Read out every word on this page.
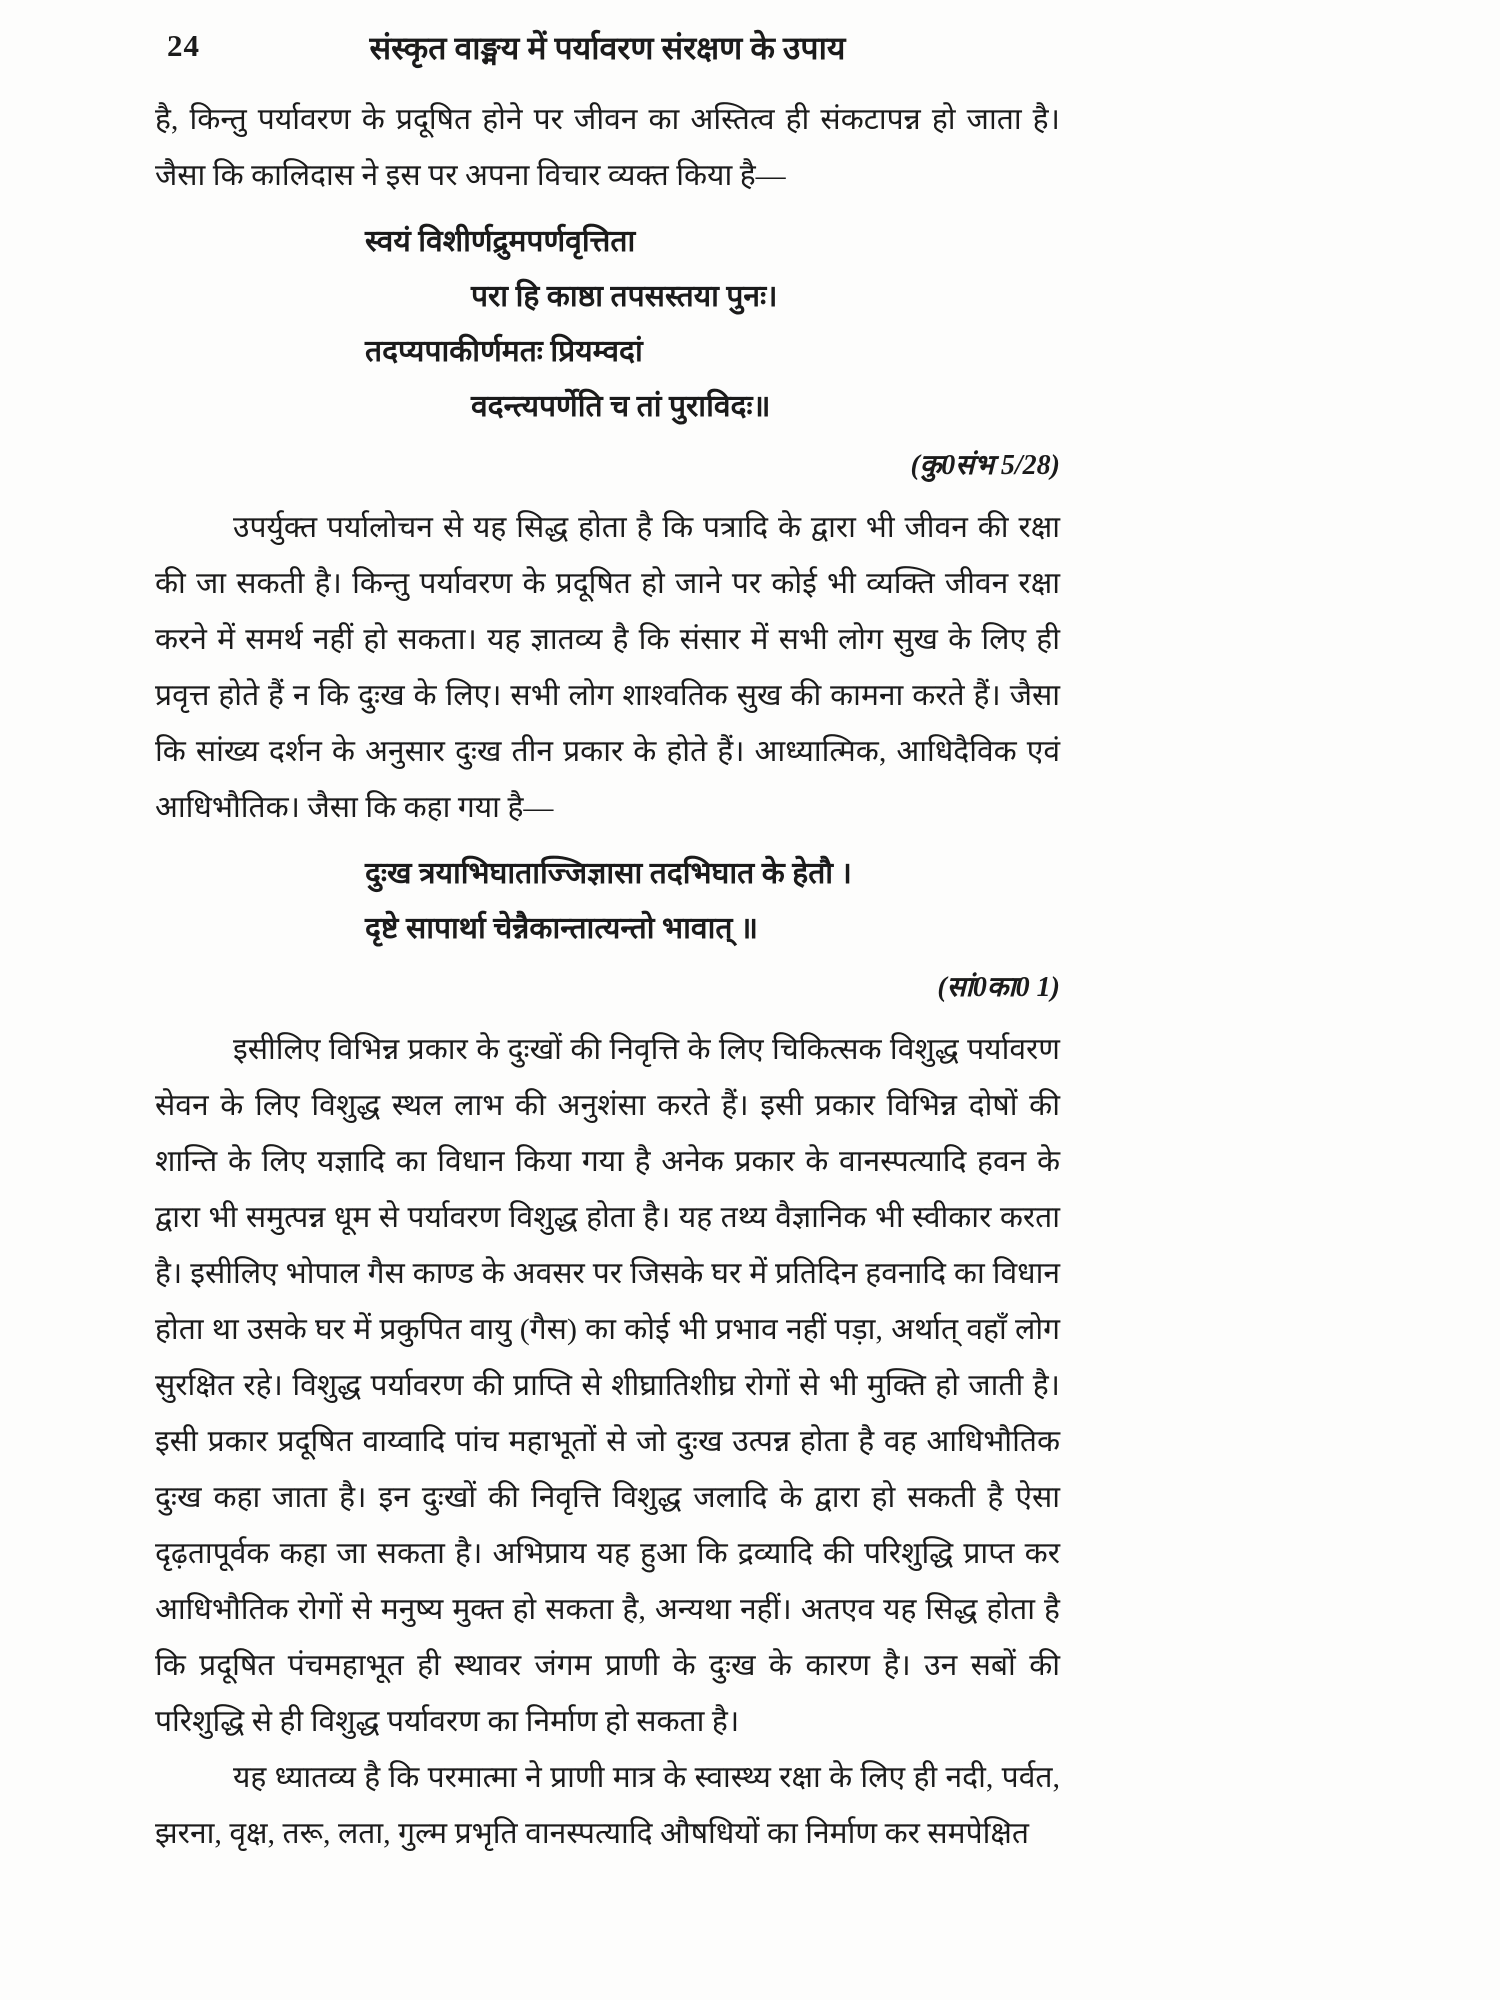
24	संस्कृत वाङ्मय में पर्यावरण संरक्षण के उपाय

है, किन्तु पर्यावरण के प्रदूषित होने पर जीवन का अस्तित्व ही संकटापन्न हो जाता है। जैसा कि कालिदास ने इस पर अपना विचार व्यक्त किया है—

स्वयं विशीर्णद्रुमपर्णवृत्तिता
परा हि काष्ठा तपसस्तया पुनः।
तदप्यपाकीर्णमतः प्रियम्वदां
वदन्त्यपर्णेति च तां पुराविदः॥
(कु0संभ 5/28)

उपर्युक्त पर्यालोचन से यह सिद्ध होता है कि पत्रादि के द्वारा भी जीवन की रक्षा की जा सकती है। किन्तु पर्यावरण के प्रदूषित हो जाने पर कोई भी व्यक्ति जीवन रक्षा करने में समर्थ नहीं हो सकता। यह ज्ञातव्य है कि संसार में सभी लोग सुख के लिए ही प्रवृत्त होते हैं न कि दुःख के लिए। सभी लोग शाश्वतिक सुख की कामना करते हैं। जैसा कि सांख्य दर्शन के अनुसार दुःख तीन प्रकार के होते हैं। आध्यात्मिक, आधिदैविक एवं आधिभौतिक। जैसा कि कहा गया है—

दुःख त्रयाभिघाताज्जिज्ञासा तदभिघात के हेतौ ।
दृष्टे सापार्था चेन्नैकान्तात्यन्तो भावात् ॥
(सां0का0 1)

इसीलिए विभिन्न प्रकार के दुःखों की निवृत्ति के लिए चिकित्सक विशुद्ध पर्यावरण सेवन के लिए विशुद्ध स्थल लाभ की अनुशंसा करते हैं। इसी प्रकार विभिन्न दोषों की शान्ति के लिए यज्ञादि का विधान किया गया है अनेक प्रकार के वानस्पत्यादि हवन के द्वारा भी समुत्पन्न धूम से पर्यावरण विशुद्ध होता है। यह तथ्य वैज्ञानिक भी स्वीकार करता है। इसीलिए भोपाल गैस काण्ड के अवसर पर जिसके घर में प्रतिदिन हवनादि का विधान होता था उसके घर में प्रकुपित वायु (गैस) का कोई भी प्रभाव नहीं पड़ा, अर्थात् वहाँ लोग सुरक्षित रहे। विशुद्ध पर्यावरण की प्राप्ति से शीघ्रातिशीघ्र रोगों से भी मुक्ति हो जाती है। इसी प्रकार प्रदूषित वाय्वादि पांच महाभूतों से जो दुःख उत्पन्न होता है वह आधिभौतिक दुःख कहा जाता है। इन दुःखों की निवृत्ति विशुद्ध जलादि के द्वारा हो सकती है ऐसा दृढ़तापूर्वक कहा जा सकता है। अभिप्राय यह हुआ कि द्रव्यादि की परिशुद्धि प्राप्त कर आधिभौतिक रोगों से मनुष्य मुक्त हो सकता है, अन्यथा नहीं। अतएव यह सिद्ध होता है कि प्रदूषित पंचमहाभूत ही स्थावर जंगम प्राणी के दुःख के कारण है। उन सबों की परिशुद्धि से ही विशुद्ध पर्यावरण का निर्माण हो सकता है।

यह ध्यातव्य है कि परमात्मा ने प्राणी मात्र के स्वास्थ्य रक्षा के लिए ही नदी, पर्वत, झरना, वृक्ष, तरू, लता, गुल्म प्रभृति वानस्पत्यादि औषधियों का निर्माण कर समपेक्षित
